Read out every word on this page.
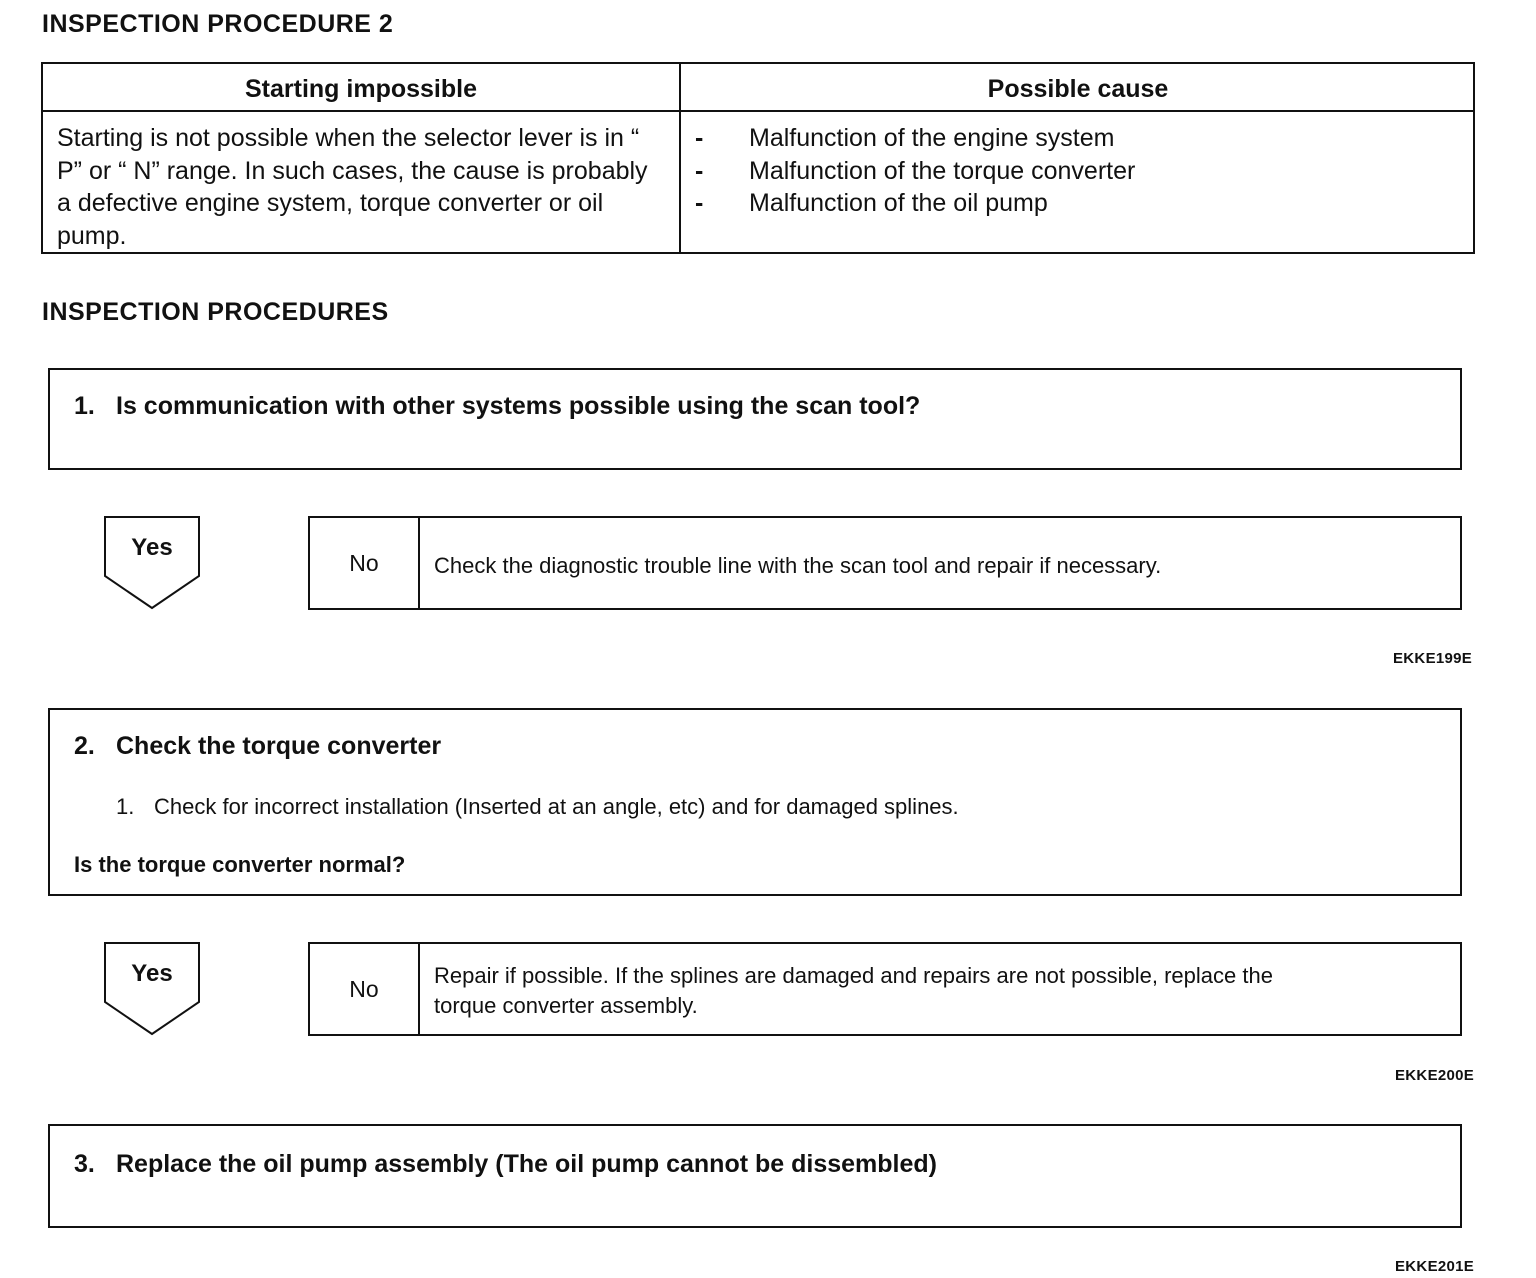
INSPECTION PROCEDURE 2
Starting impossible	Possible cause
Starting is not possible when the selector lever is in “ P” or “ N” range. In such cases, the cause is probably a defective engine system, torque converter or oil pump.
- Malfunction of the engine system
- Malfunction of the torque converter
- Malfunction of the oil pump
INSPECTION PROCEDURES
1. Is communication with other systems possible using the scan tool?
Yes
No	Check the diagnostic trouble line with the scan tool and repair if necessary.
EKKE199E
2. Check the torque converter
1. Check for incorrect installation (Inserted at an angle, etc) and for damaged splines.
Is the torque converter normal?
Yes
No	Repair if possible. If the splines are damaged and repairs are not possible, replace the torque converter assembly.
EKKE200E
3. Replace the oil pump assembly (The oil pump cannot be dissembled)
EKKE201E
